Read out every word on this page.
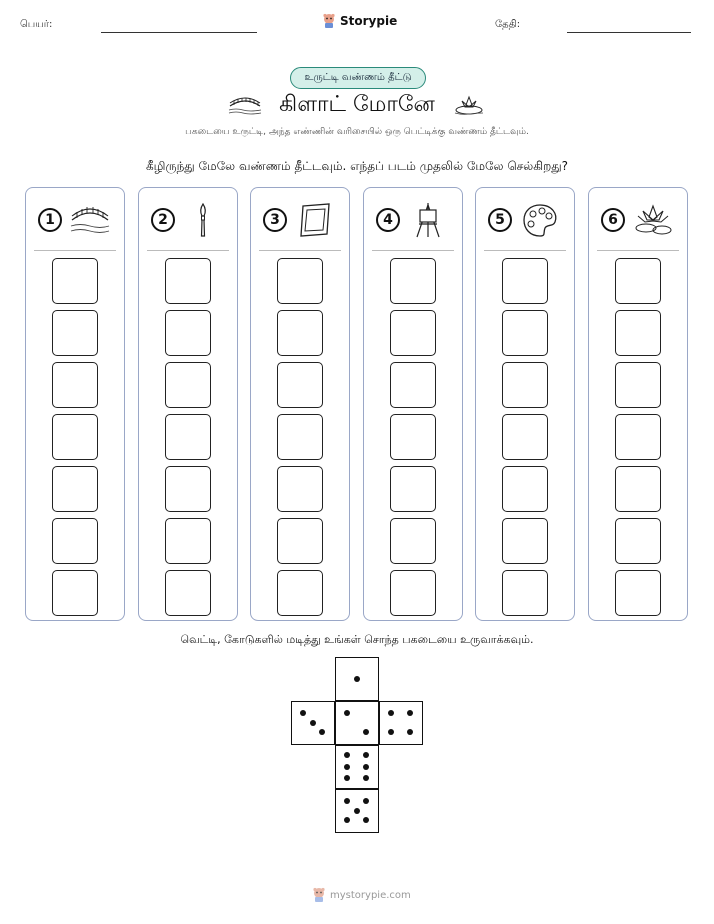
பெயர்:	Storypie	தேதி:
உருட்டி வண்ணம் தீட்டு
கிளாட் மோனே
பகடையை உருட்டி, அந்த எண்ணின் வரிசையில் ஒரு பெட்டிக்கு வண்ணம் தீட்டவும்.
கீழிருந்து மேலே வண்ணம் தீட்டவும். எந்தப் படம் முதலில் மேலே செல்கிறது?
1	2	3	4	5	6
வெட்டி, கோடுகளில் மடித்து உங்கள் சொந்த பகடையை உருவாக்கவும்.
mystorypie.com
